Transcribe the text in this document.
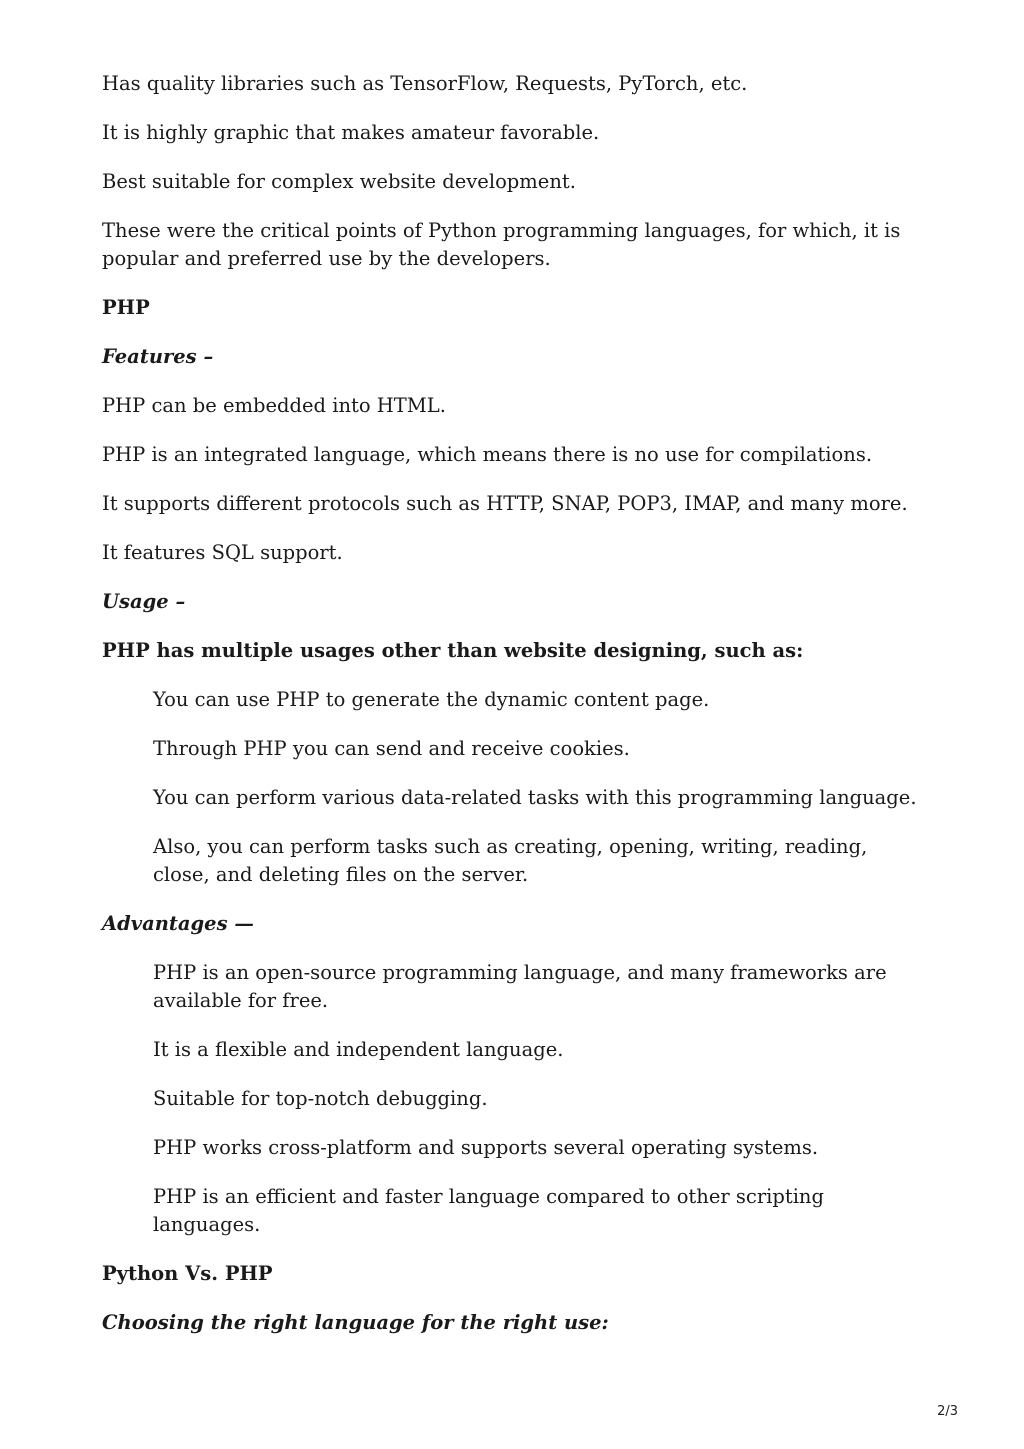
Has quality libraries such as TensorFlow, Requests, PyTorch, etc.

It is highly graphic that makes amateur favorable.

Best suitable for complex website development.

These were the critical points of Python programming languages, for which, it is popular and preferred use by the developers.

PHP

Features –

PHP can be embedded into HTML.

PHP is an integrated language, which means there is no use for compilations.

It supports different protocols such as HTTP, SNAP, POP3, IMAP, and many more.

It features SQL support.

Usage –

PHP has multiple usages other than website designing, such as:

You can use PHP to generate the dynamic content page.

Through PHP you can send and receive cookies.

You can perform various data-related tasks with this programming language.

Also, you can perform tasks such as creating, opening, writing, reading, close, and deleting files on the server.

Advantages —

PHP is an open-source programming language, and many frameworks are available for free.

It is a flexible and independent language.

Suitable for top-notch debugging.

PHP works cross-platform and supports several operating systems.

PHP is an efficient and faster language compared to other scripting languages.

Python Vs. PHP

Choosing the right language for the right use:

2/3
